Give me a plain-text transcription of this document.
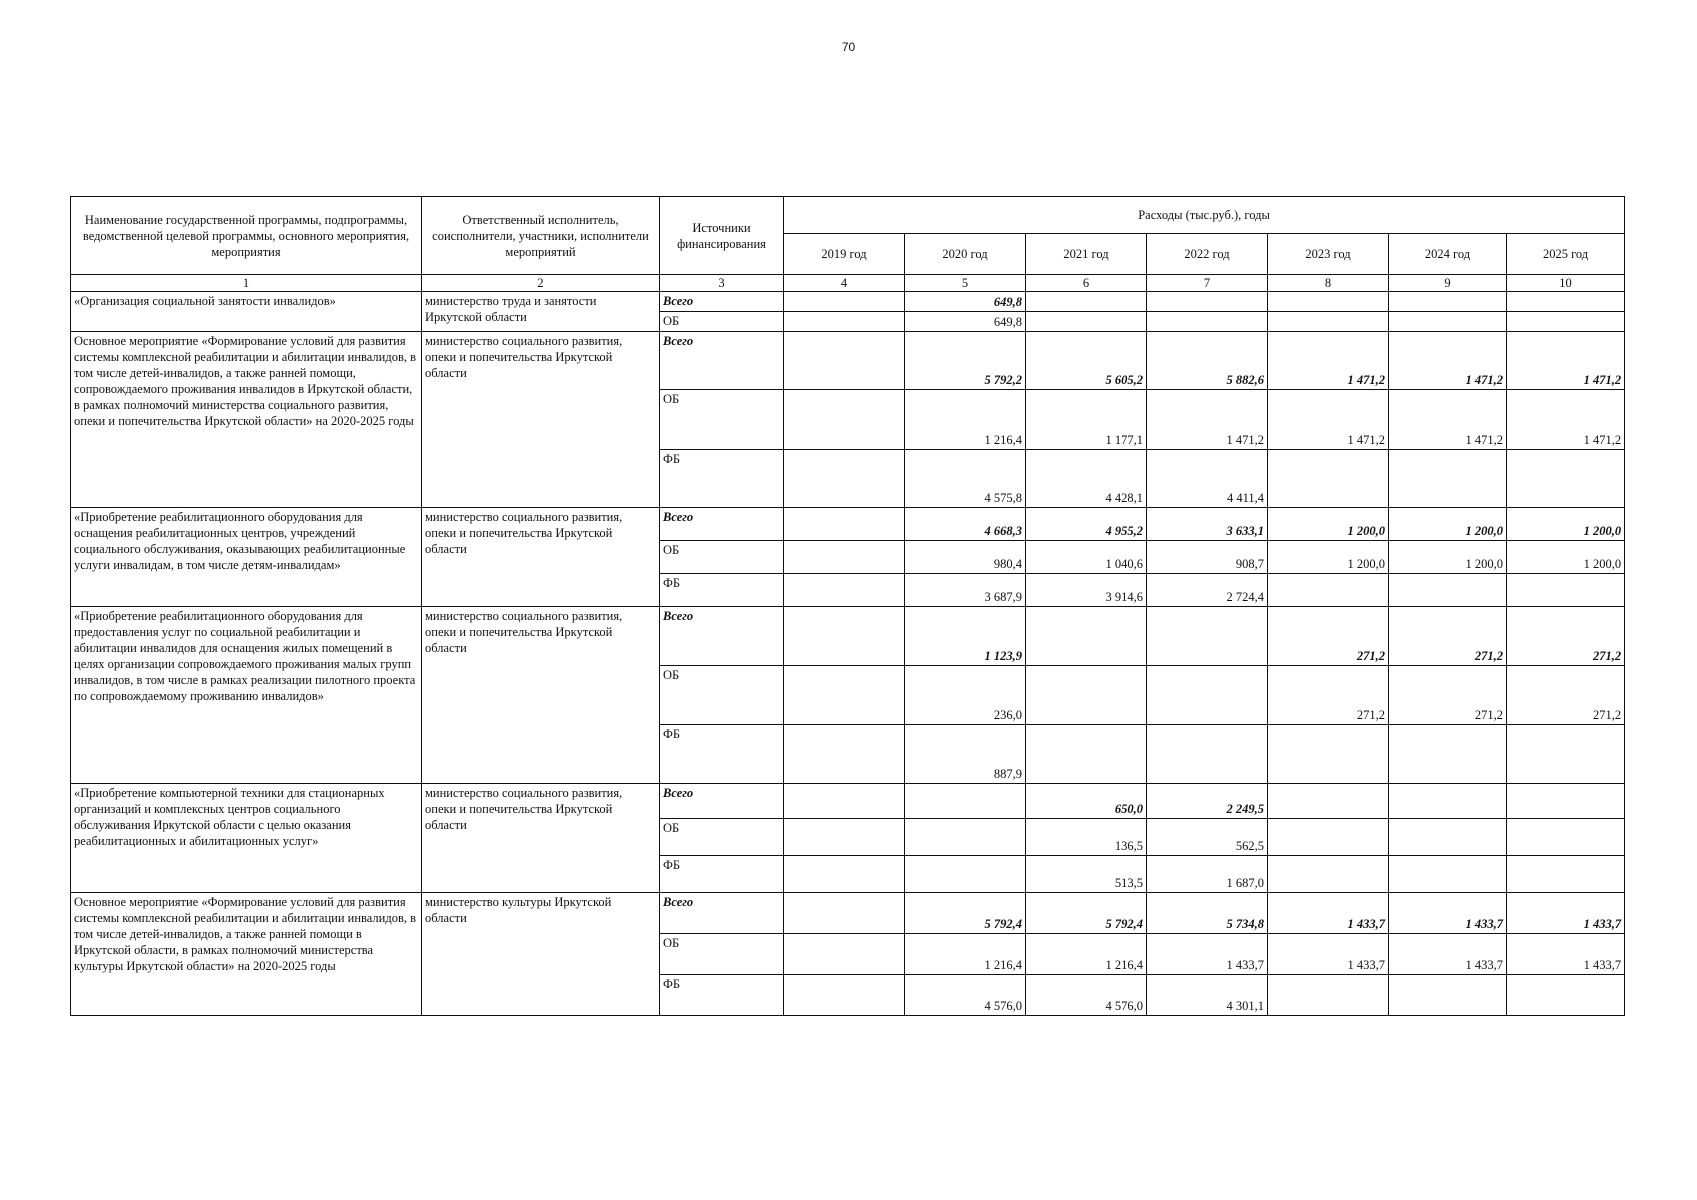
70
Наименование государственной программы, подпрограммы, ведомственной целевой программы, основного мероприятия, мероприятия	Ответственный исполнитель, соисполнители, участники, исполнители мероприятий	Источники финансирования	Расходы (тыс.руб.), годы						
			2019 год	2020 год	2021 год	2022 год	2023 год	2024 год	2025 год
1	2	3	4	5	6	7	8	9	10
«Организация социальной занятости инвалидов»	министерство труда и занятости Иркутской области	Всего		649,8					
		ОБ		649,8					
Основное мероприятие «Формирование условий для развития системы комплексной реабилитации и абилитации инвалидов, в том числе детей-инвалидов, а также ранней помощи, сопровождаемого проживания инвалидов в Иркутской области, в рамках полномочий министерства социального развития, опеки и попечительства Иркутской области» на 2020-2025 годы	министерство социального развития, опеки и попечительства Иркутской области	Всего		5 792,2	5 605,2	5 882,6	1 471,2	1 471,2	1 471,2
		ОБ		1 216,4	1 177,1	1 471,2	1 471,2	1 471,2	1 471,2
		ФБ		4 575,8	4 428,1	4 411,4			
«Приобретение реабилитационного оборудования для оснащения реабилитационных центров, учреждений социального обслуживания, оказывающих реабилитационные услуги инвалидам, в том числе детям-инвалидам»	министерство социального развития, опеки и попечительства Иркутской области	Всего		4 668,3	4 955,2	3 633,1	1 200,0	1 200,0	1 200,0
		ОБ		980,4	1 040,6	908,7	1 200,0	1 200,0	1 200,0
		ФБ		3 687,9	3 914,6	2 724,4			
«Приобретение реабилитационного оборудования для предоставления услуг по социальной реабилитации и абилитации инвалидов для оснащения жилых помещений в целях организации сопровождаемого проживания малых групп инвалидов, в том числе в рамках реализации пилотного проекта по сопровождаемому проживанию инвалидов»	министерство социального развития, опеки и попечительства Иркутской области	Всего		1 123,9			271,2	271,2	271,2
		ОБ		236,0			271,2	271,2	271,2
		ФБ		887,9					
«Приобретение компьютерной техники для стационарных организаций и комплексных центров социального обслуживания Иркутской области с целью оказания реабилитационных и абилитационных услуг»	министерство социального развития, опеки и попечительства Иркутской области	Всего			650,0	2 249,5			
		ОБ			136,5	562,5			
		ФБ			513,5	1 687,0			
Основное мероприятие «Формирование условий для развития системы комплексной реабилитации и абилитации инвалидов, в том числе детей-инвалидов, а также ранней помощи в Иркутской области, в рамках полномочий министерства культуры Иркутской области» на 2020-2025 годы	министерство культуры Иркутской области	Всего		5 792,4	5 792,4	5 734,8	1 433,7	1 433,7	1 433,7
		ОБ		1 216,4	1 216,4	1 433,7	1 433,7	1 433,7	1 433,7
		ФБ		4 576,0	4 576,0	4 301,1			
